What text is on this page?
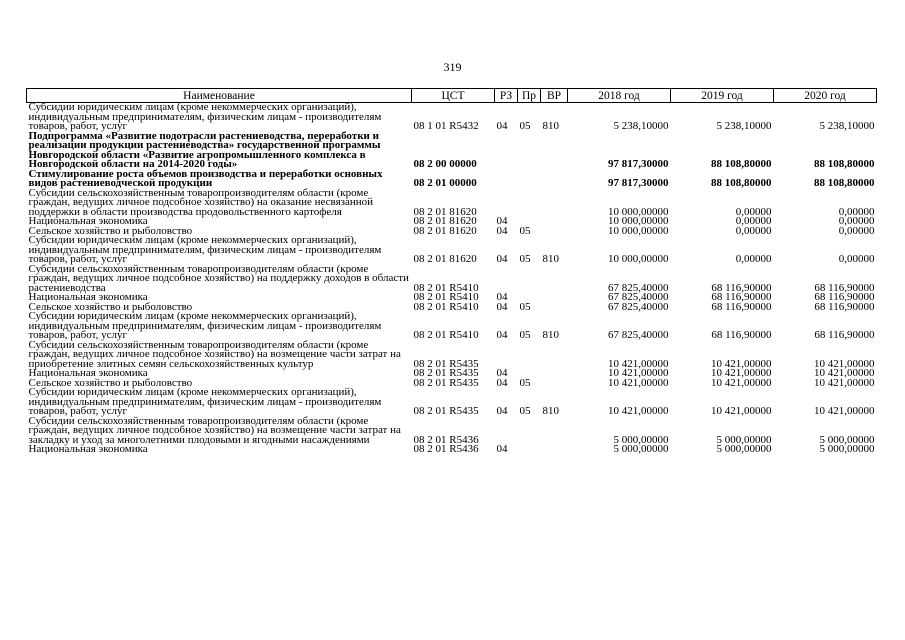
319
Наименование	ЦСТ	РЗ	Пр	ВР	2018 год	2019 год	2020 год
Субсидии юридическим лицам (кроме некоммерческих организаций), индивидуальным предпринимателям, физическим лицам - производителям товаров, работ, услуг	08 1 01 R5432	04	05	810	5 238,10000	5 238,10000	5 238,10000
Подпрограмма «Развитие подотрасли растениеводства, переработки и реализации продукции растениеводства» государственной программы Новгородской области «Развитие агропромышленного комплекса в Новгородской области на 2014-2020 годы»	08 2 00 00000				97 817,30000	88 108,80000	88 108,80000
Стимулирование роста объемов производства и переработки основных видов растениеводческой продукции	08 2 01 00000				97 817,30000	88 108,80000	88 108,80000
Субсидии сельскохозяйственным товаропроизводителям области (кроме граждан, ведущих личное подсобное хозяйство) на оказание несвязанной поддержки в области производства продовольственного картофеля	08 2 01 81620				10 000,00000	0,00000	0,00000
Национальная экономика	08 2 01 81620	04			10 000,00000	0,00000	0,00000
Сельское хозяйство и рыболовство	08 2 01 81620	04	05		10 000,00000	0,00000	0,00000
Субсидии юридическим лицам (кроме некоммерческих организаций), индивидуальным предпринимателям, физическим лицам - производителям товаров, работ, услуг	08 2 01 81620	04	05	810	10 000,00000	0,00000	0,00000
Субсидии сельскохозяйственным товаропроизводителям области (кроме граждан, ведущих личное подсобное хозяйство) на поддержку доходов в области растениеводства	08 2 01 R5410				67 825,40000	68 116,90000	68 116,90000
Национальная экономика	08 2 01 R5410	04			67 825,40000	68 116,90000	68 116,90000
Сельское хозяйство и рыболовство	08 2 01 R5410	04	05		67 825,40000	68 116,90000	68 116,90000
Субсидии юридическим лицам (кроме некоммерческих организаций), индивидуальным предпринимателям, физическим лицам - производителям товаров, работ, услуг	08 2 01 R5410	04	05	810	67 825,40000	68 116,90000	68 116,90000
Субсидии сельскохозяйственным товаропроизводителям области (кроме граждан, ведущих личное подсобное хозяйство) на возмещение части затрат на приобретение элитных семян сельскохозяйственных культур	08 2 01 R5435				10 421,00000	10 421,00000	10 421,00000
Национальная экономика	08 2 01 R5435	04			10 421,00000	10 421,00000	10 421,00000
Сельское хозяйство и рыболовство	08 2 01 R5435	04	05		10 421,00000	10 421,00000	10 421,00000
Субсидии юридическим лицам (кроме некоммерческих организаций), индивидуальным предпринимателям, физическим лицам - производителям товаров, работ, услуг	08 2 01 R5435	04	05	810	10 421,00000	10 421,00000	10 421,00000
Субсидии сельскохозяйственным товаропроизводителям области (кроме граждан, ведущих личное подсобное хозяйство) на возмещение части затрат на закладку и уход за многолетними плодовыми и ягодными насаждениями	08 2 01 R5436				5 000,00000	5 000,00000	5 000,00000
Национальная экономика	08 2 01 R5436	04			5 000,00000	5 000,00000	5 000,00000
